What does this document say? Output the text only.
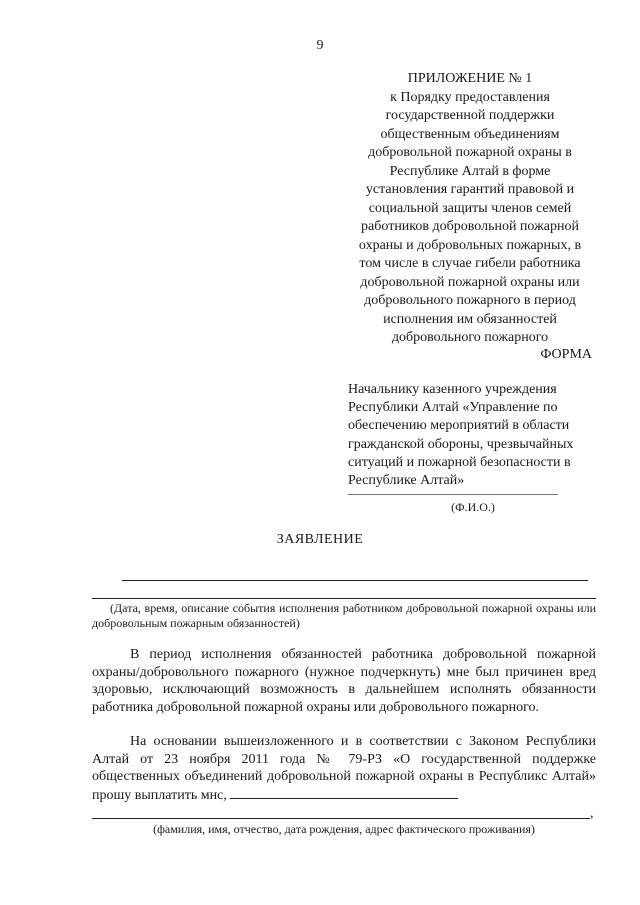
9
ПРИЛОЖЕНИЕ № 1
к Порядку предоставления
государственной поддержки
общественным объединениям
добровольной пожарной охраны в
Республике Алтай в форме
установления гарантий правовой и
социальной защиты членов семей
работников добровольной пожарной
охраны и добровольных пожарных, в
том числе в случае гибели работника
добровольной пожарной охраны или
добровольного пожарного в период
исполнения им обязанностей
добровольного пожарного
ФОРМА
Начальнику казенного учреждения
Республики Алтай «Управление по
обеспечению мероприятий в области
гражданской обороны, чрезвычайных
ситуаций и пожарной безопасности в
Республике Алтай»
(Ф.И.О.)
ЗАЯВЛЕНИЕ
(Дата, время, описание события исполнения работником добровольной пожарной охраны или добровольным пожарным обязанностей)
В период исполнения обязанностей работника добровольной пожарной охраны/добровольного пожарного (нужное подчеркнуть) мне был причинен вред здоровью, исключающий возможность в дальнейшем исполнять обязанности работника добровольной пожарной охраны или добровольного пожарного.
На основании вышеизложенного и в соответствии с Законом Республики Алтай от 23 ноября 2011 года № 79-РЗ «О государственной поддержке общественных объединений добровольной пожарной охраны в Республикс Алтай» прошу выплатить мнс,
,
(фамилия, имя, отчество, дата рождения, адрес фактического проживания)
